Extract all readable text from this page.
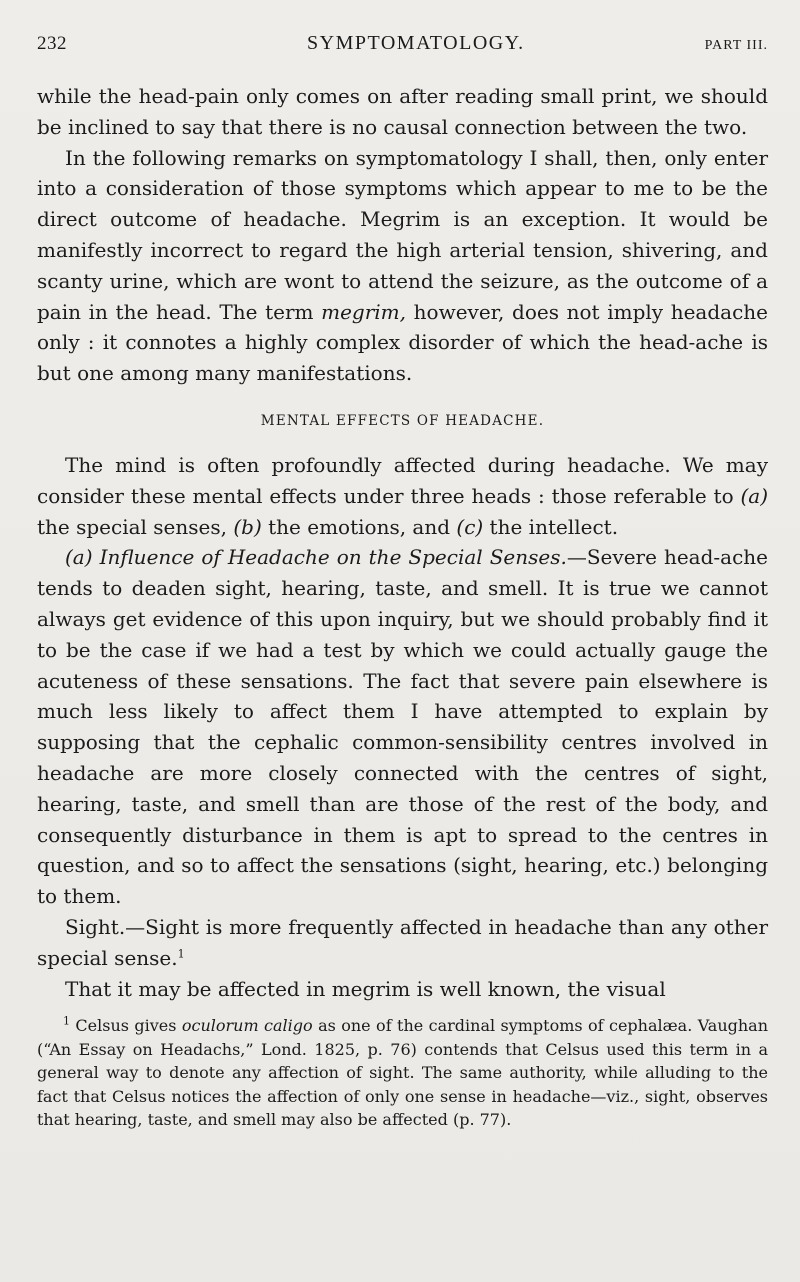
232	SYMPTOMATOLOGY.	PART III.

while the head-pain only comes on after reading small print, we should be inclined to say that there is no causal connection between the two.

In the following remarks on symptomatology I shall, then, only enter into a consideration of those symptoms which appear to me to be the direct outcome of headache. Megrim is an exception. It would be manifestly incorrect to regard the high arterial tension, shivering, and scanty urine, which are wont to attend the seizure, as the outcome of a pain in the head. The term megrim, however, does not imply headache only : it connotes a highly complex disorder of which the head-ache is but one among many manifestations.

MENTAL EFFECTS OF HEADACHE.

The mind is often profoundly affected during headache. We may consider these mental effects under three heads : those referable to (a) the special senses, (b) the emotions, and (c) the intellect.

(a) Influence of Headache on the Special Senses.—Severe head-ache tends to deaden sight, hearing, taste, and smell. It is true we cannot always get evidence of this upon inquiry, but we should probably find it to be the case if we had a test by which we could actually gauge the acuteness of these sensations. The fact that severe pain elsewhere is much less likely to affect them I have attempted to explain by supposing that the cephalic common-sensibility centres involved in headache are more closely connected with the centres of sight, hearing, taste, and smell than are those of the rest of the body, and consequently disturbance in them is apt to spread to the centres in question, and so to affect the sensations (sight, hearing, etc.) belonging to them.

Sight.—Sight is more frequently affected in headache than any other special sense.$^1$

That it may be affected in megrim is well known, the visual

$^1$ Celsus gives oculorum caligo as one of the cardinal symptoms of cephalæa. Vaughan (“An Essay on Headachs,” Lond. 1825, p. 76) contends that Celsus used this term in a general way to denote any affection of sight. The same authority, while alluding to the fact that Celsus notices the affection of only one sense in headache—viz., sight, observes that hearing, taste, and smell may also be affected (p. 77).
